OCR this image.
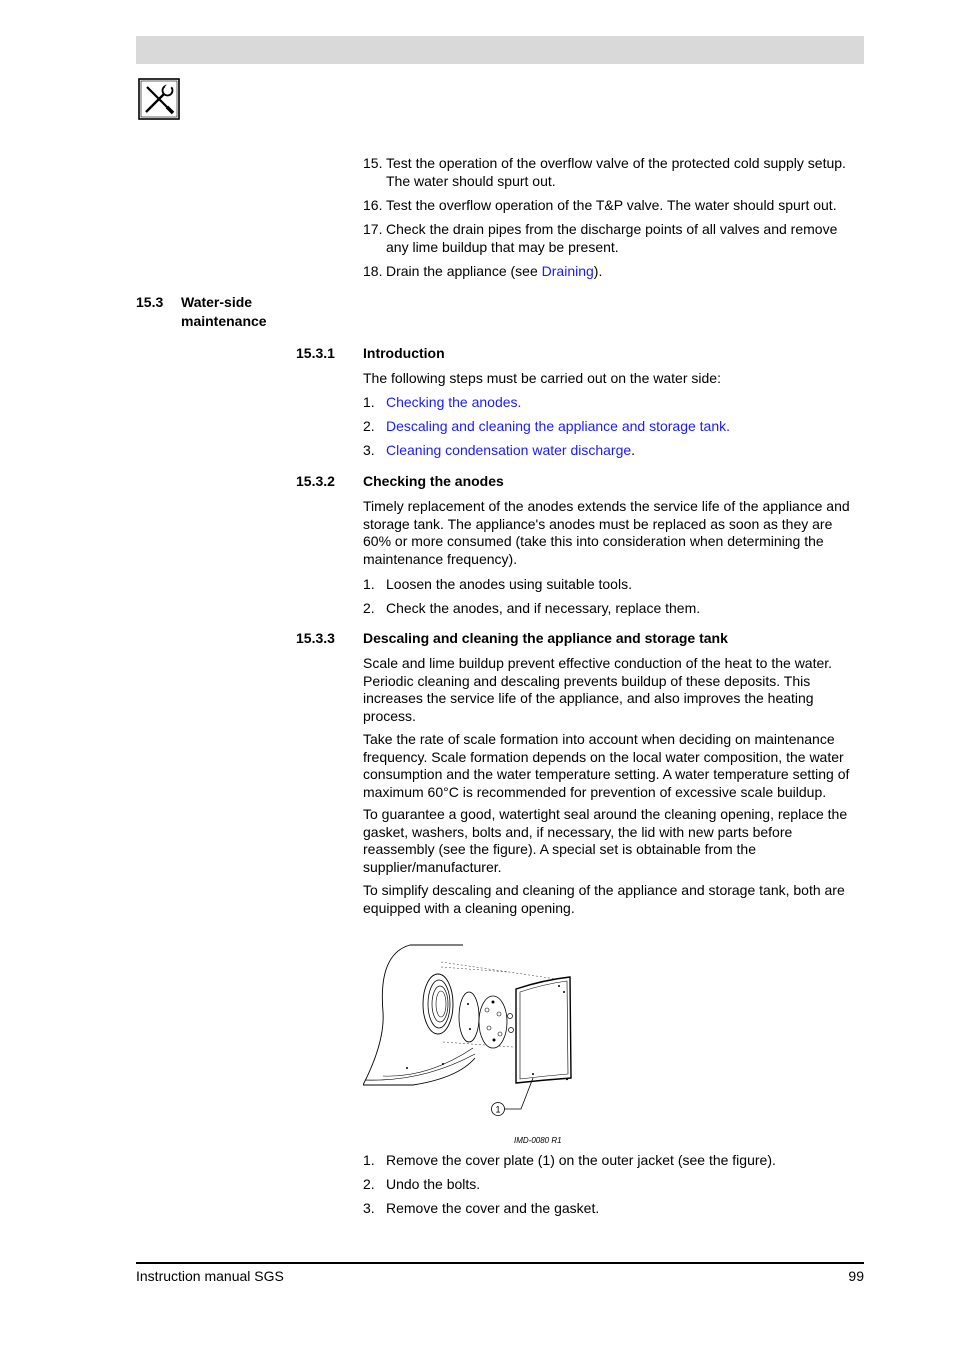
15. Test the operation of the overflow valve of the protected cold supply setup. The water should spurt out.
16. Test the overflow operation of the T&P valve. The water should spurt out.
17. Check the drain pipes from the discharge points of all valves and remove any lime buildup that may be present.
18. Drain the appliance (see Draining).
15.3 Water-side
maintenance
15.3.1 Introduction

The following steps must be carried out on the water side:

1. Checking the anodes.
2. Descaling and cleaning the appliance and storage tank.
3. Cleaning condensation water discharge.
15.3.2 Checking the anodes

Timely replacement of the anodes extends the service life of the appliance and storage tank. The appliance's anodes must be replaced as soon as they are 60% or more consumed (take this into consideration when determining the maintenance frequency).

1. Loosen the anodes using suitable tools.
2. Check the anodes, and if necessary, replace them.
15.3.3 Descaling and cleaning the appliance and storage tank

Scale and lime buildup prevent effective conduction of the heat to the water. Periodic cleaning and descaling prevents buildup of these deposits. This increases the service life of the appliance, and also improves the heating process.

Take the rate of scale formation into account when deciding on maintenance frequency. Scale formation depends on the local water composition, the water consumption and the water temperature setting. A water temperature setting of maximum 60°C is recommended for prevention of excessive scale buildup.

To guarantee a good, watertight seal around the cleaning opening, replace the gasket, washers, bolts and, if necessary, the lid with new parts before reassembly (see the figure). A special set is obtainable from the supplier/manufacturer.

To simplify descaling and cleaning of the appliance and storage tank, both are equipped with a cleaning opening.

1
IMD-0080 R1
1. Remove the cover plate (1) on the outer jacket (see the figure).
2. Undo the bolts.
3. Remove the cover and the gasket.
Instruction manual SGS	99
